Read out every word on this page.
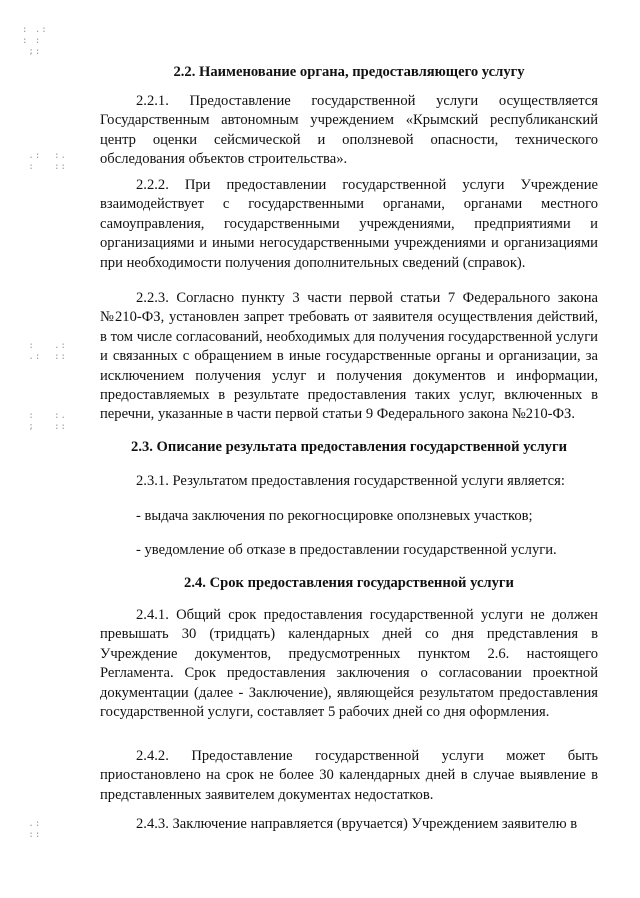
: .:
: :
;:

.:  :.
:   ::

:   .:
.:  ::

:   :.
;   ::

.:
::

2.2. Наименование органа, предоставляющего услугу

2.2.1. Предоставление государственной услуги осуществляется Государственным автономным учреждением «Крымский республиканский центр оценки сейсмической и оползневой опасности, технического обследования объектов строительства».

2.2.2. При предоставлении государственной услуги Учреждение взаимодействует с государственными органами, органами местного самоуправления, государственными учреждениями, предприятиями и организациями и иными негосударственными учреждениями и организациями при необходимости получения дополнительных сведений (справок).

2.2.3. Согласно пункту 3 части первой статьи 7 Федерального закона №210-ФЗ, установлен запрет требовать от заявителя осуществления действий, в том числе согласований, необходимых для получения государственной услуги и связанных с обращением в иные государственные органы и организации, за исключением получения услуг и получения документов и информации, предоставляемых в результате предоставления таких услуг, включенных в перечни, указанные в части первой статьи 9 Федерального закона №210-ФЗ.

2.3. Описание результата предоставления государственной услуги

2.3.1. Результатом предоставления государственной услуги является:

- выдача заключения по рекогносцировке оползневых участков;

- уведомление об отказе в предоставлении государственной услуги.

2.4. Срок предоставления государственной услуги

2.4.1. Общий срок предоставления государственной услуги не должен превышать 30 (тридцать) календарных дней со дня представления в Учреждение документов, предусмотренных пунктом 2.6. настоящего Регламента. Срок предоставления заключения о согласовании проектной документации (далее - Заключение), являющейся результатом предоставления государственной услуги, составляет 5 рабочих дней со дня оформления.

2.4.2. Предоставление государственной услуги может быть приостановлено на срок не более 30 календарных дней в случае выявление в представленных заявителем документах недостатков.

2.4.3. Заключение направляется (вручается) Учреждением заявителю в
